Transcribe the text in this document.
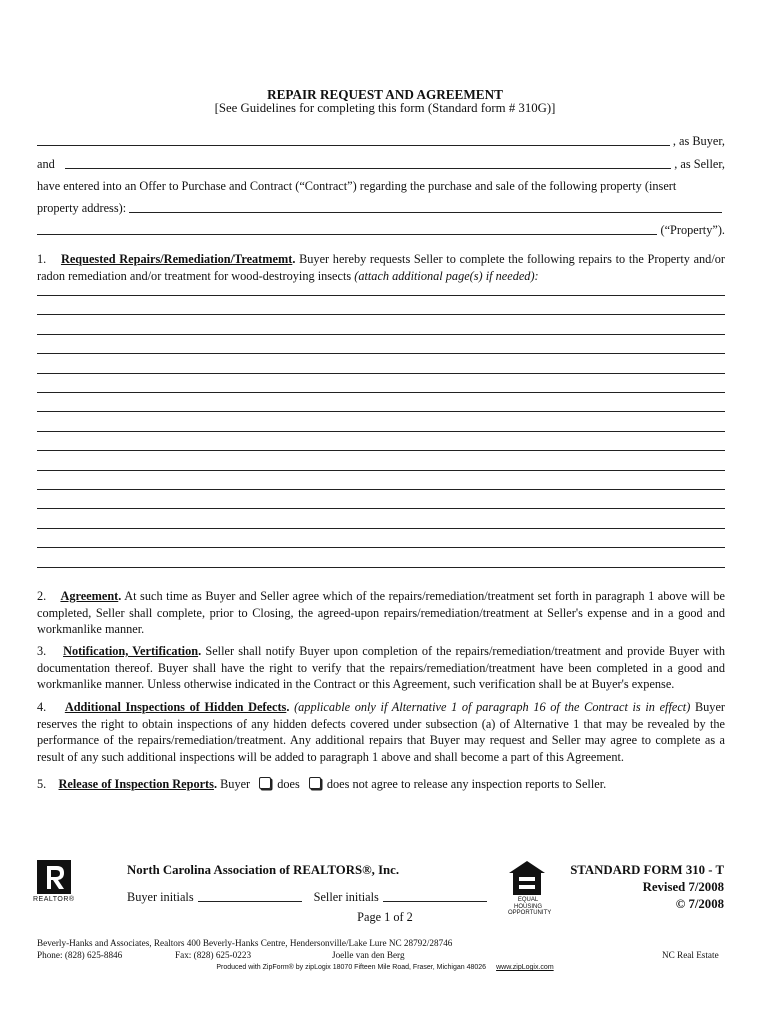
REPAIR REQUEST AND AGREEMENT
[See Guidelines for completing this form (Standard form # 310G)]
, as Buyer,
and	, as Seller,
have entered into an Offer to Purchase and Contract (“Contract”) regarding the purchase and sale of the following property (insert
property address):
(“Property”).
1. Requested Repairs/Remediation/Treatmemt. Buyer hereby requests Seller to complete the following repairs to the Property and/or radon remediation and/or treatment for wood-destroying insects (attach additional page(s) if needed):
2. Agreement. At such time as Buyer and Seller agree which of the repairs/remediation/treatment set forth in paragraph 1 above will be completed, Seller shall complete, prior to Closing, the agreed-upon repairs/remediation/treatment at Seller's expense and in a good and workmanlike manner.
3. Notification, Vertification. Seller shall notify Buyer upon completion of the repairs/remediation/treatment and provide Buyer with documentation thereof. Buyer shall have the right to verify that the repairs/remediation/treatment have been completed in a good and workmanlike manner. Unless otherwise indicated in the Contract or this Agreement, such verification shall be at Buyer's expense.
4. Additional Inspections of Hidden Defects. (applicable only if Alternative 1 of paragraph 16 of the Contract is in effect) Buyer reserves the right to obtain inspections of any hidden defects covered under subsection (a) of Alternative 1 that may be revealed by the performance of the repairs/remediation/treatment. Any additional repairs that Buyer may request and Seller may agree to complete as a result of any such additional inspections will be added to paragraph 1 above and shall become a part of this Agreement.
5. Release of Inspection Reports. Buyer does does not agree to release any inspection reports to Seller.
REALTOR®
North Carolina Association of REALTORS®, Inc.
Buyer initials	Seller initials	EQUAL HOUSING OPPORTUNITY
STANDARD FORM 310 - T
Revised 7/2008
© 7/2008
Page 1 of 2
Beverly-Hanks and Associates, Realtors 400 Beverly-Hanks Centre, Hendersonville/Lake Lure NC 28792/28746
Phone: (828) 625-8846	Fax: (828) 625-0223	Joelle van den Berg	NC Real Estate
Produced with ZipForm® by zipLogix 18070 Fifteen Mile Road, Fraser, Michigan 48026 www.zipLogix.com
